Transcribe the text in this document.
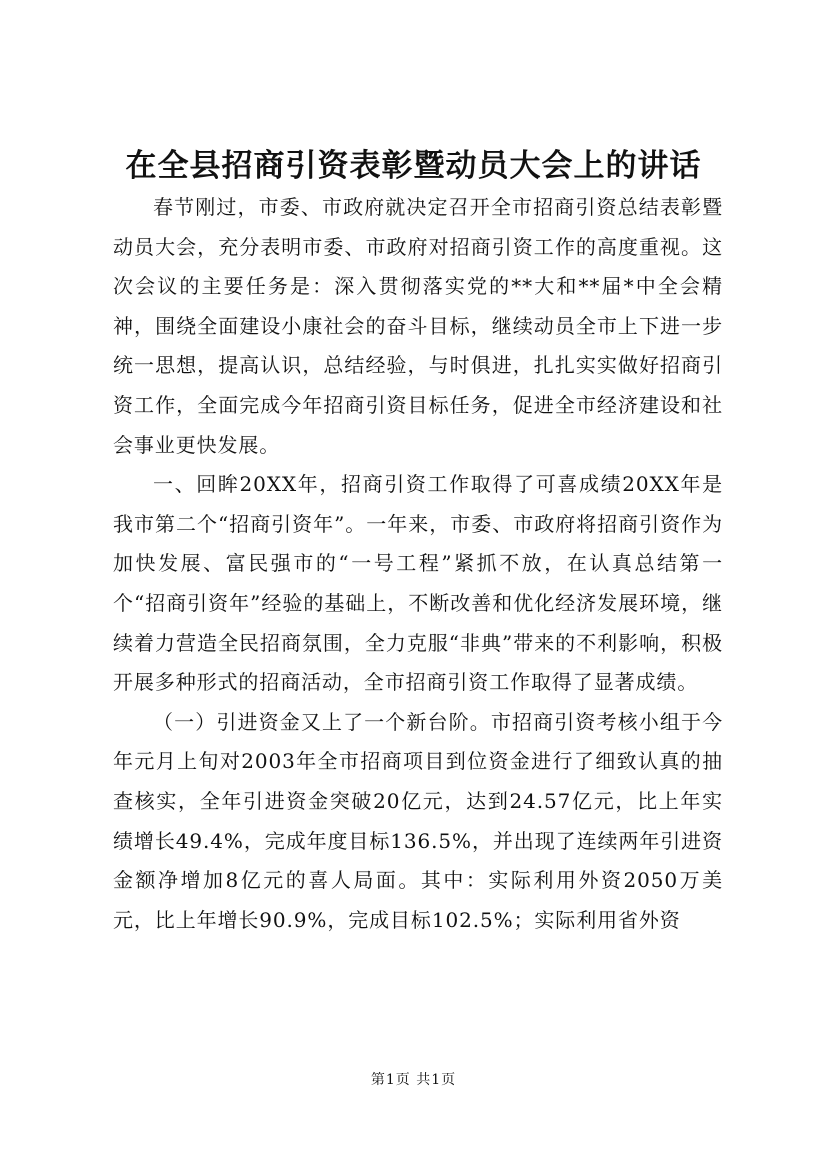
在全县招商引资表彰暨动员大会上的讲话

春节刚过，市委、市政府就决定召开全市招商引资总结表彰暨动员大会，充分表明市委、市政府对招商引资工作的高度重视。这次会议的主要任务是：深入贯彻落实党的**大和**届*中全会精神，围绕全面建设小康社会的奋斗目标，继续动员全市上下进一步统一思想，提高认识，总结经验，与时俱进，扎扎实实做好招商引资工作，全面完成今年招商引资目标任务，促进全市经济建设和社会事业更快发展。

一、回眸20XX年，招商引资工作取得了可喜成绩20XX年是我市第二个“招商引资年”。一年来，市委、市政府将招商引资作为加快发展、富民强市的“一号工程”紧抓不放，在认真总结第一个“招商引资年”经验的基础上，不断改善和优化经济发展环境，继续着力营造全民招商氛围，全力克服“非典”带来的不利影响，积极开展多种形式的招商活动，全市招商引资工作取得了显著成绩。

（一）引进资金又上了一个新台阶。市招商引资考核小组于今年元月上旬对2003年全市招商项目到位资金进行了细致认真的抽查核实，全年引进资金突破20亿元，达到24.57亿元，比上年实绩增长49.4%，完成年度目标136.5%，并出现了连续两年引进资金额净增加8亿元的喜人局面。其中：实际利用外资2050万美元，比上年增长90.9%，完成目标102.5%；实际利用省外资

第1页 共1页
